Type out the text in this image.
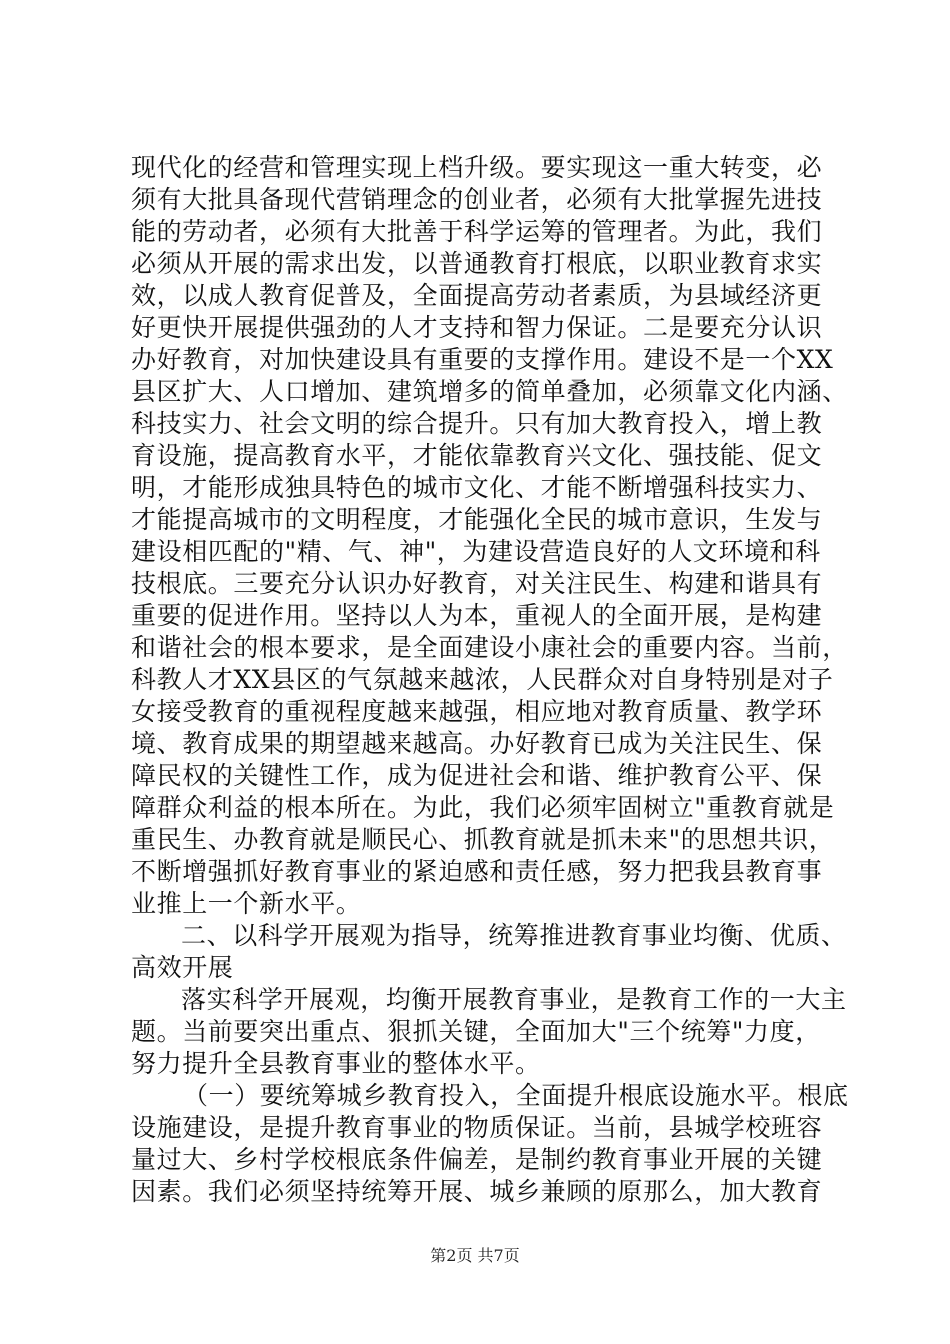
现代化的经营和管理实现上档升级。要实现这一重大转变，必
须有大批具备现代营销理念的创业者，必须有大批掌握先进技
能的劳动者，必须有大批善于科学运筹的管理者。为此，我们
必须从开展的需求出发，以普通教育打根底，以职业教育求实
效，以成人教育促普及，全面提高劳动者素质，为县域经济更
好更快开展提供强劲的人才支持和智力保证。二是要充分认识
办好教育，对加快建设具有重要的支撑作用。建设不是一个XX
县区扩大、人口增加、建筑增多的简单叠加，必须靠文化内涵、
科技实力、社会文明的综合提升。只有加大教育投入，增上教
育设施，提高教育水平，才能依靠教育兴文化、强技能、促文
明，才能形成独具特色的城市文化、才能不断增强科技实力、
才能提高城市的文明程度，才能强化全民的城市意识，生发与
建设相匹配的"精、气、神"，为建设营造良好的人文环境和科
技根底。三要充分认识办好教育，对关注民生、构建和谐具有
重要的促进作用。坚持以人为本，重视人的全面开展，是构建
和谐社会的根本要求，是全面建设小康社会的重要内容。当前，
科教人才XX县区的气氛越来越浓，人民群众对自身特别是对子
女接受教育的重视程度越来越强，相应地对教育质量、教学环
境、教育成果的期望越来越高。办好教育已成为关注民生、保
障民权的关键性工作，成为促进社会和谐、维护教育公平、保
障群众利益的根本所在。为此，我们必须牢固树立"重教育就是
重民生、办教育就是顺民心、抓教育就是抓未来"的思想共识，
不断增强抓好教育事业的紧迫感和责任感，努力把我县教育事
业推上一个新水平。
二、以科学开展观为指导，统筹推进教育事业均衡、优质、
高效开展
落实科学开展观，均衡开展教育事业，是教育工作的一大主
题。当前要突出重点、狠抓关键，全面加大"三个统筹"力度，
努力提升全县教育事业的整体水平。
（一）要统筹城乡教育投入，全面提升根底设施水平。根底
设施建设，是提升教育事业的物质保证。当前，县城学校班容
量过大、乡村学校根底条件偏差，是制约教育事业开展的关键
因素。我们必须坚持统筹开展、城乡兼顾的原那么，加大教育
第2页 共7页
